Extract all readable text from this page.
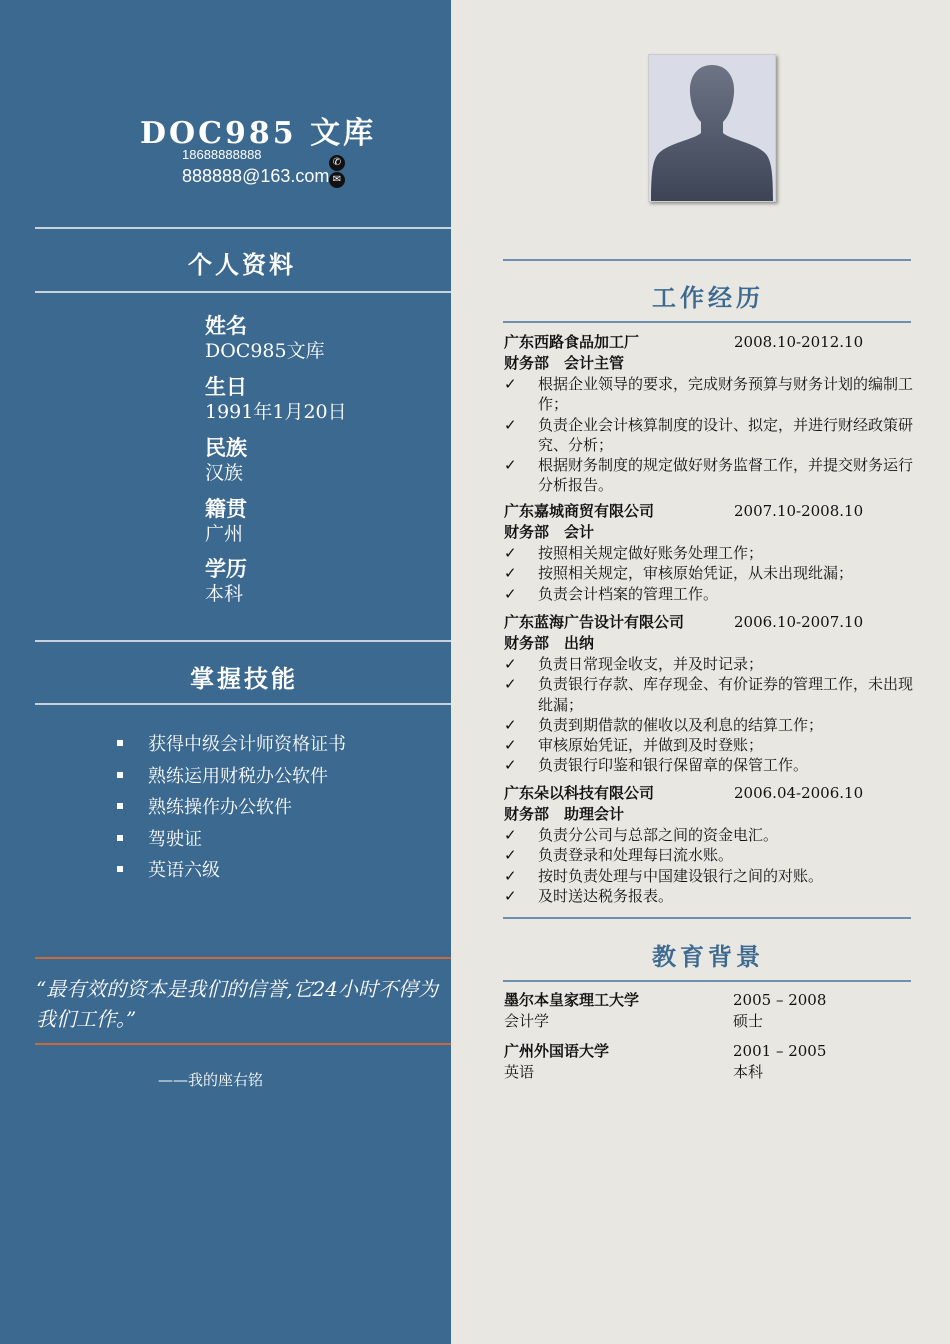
DOC985 文库
18688888888
888888@163.com
✆
✉
个人资料
姓名
DOC985文库
生日
1991年1月20日
民族
汉族
籍贯
广州
学历
本科
掌握技能
获得中级会计师资格证书
熟练运用财税办公软件
熟练操作办公软件
驾驶证
英语六级
“最有效的资本是我们的信誉,它24小时不停为我们工作。”
——我的座右铭
工作经历
广东西路食品加工厂	2008.10-2012.10
财务部　会计主管
✓ 根据企业领导的要求，完成财务预算与财务计划的编制工作；
✓ 负责企业会计核算制度的设计、拟定，并进行财经政策研究、分析；
✓ 根据财务制度的规定做好财务监督工作，并提交财务运行分析报告。
广东嘉城商贸有限公司	2007.10-2008.10
财务部　会计
✓ 按照相关规定做好账务处理工作；
✓ 按照相关规定，审核原始凭证，从未出现纰漏；
✓ 负责会计档案的管理工作。
广东蓝海广告设计有限公司	2006.10-2007.10
财务部　出纳
✓ 负责日常现金收支，并及时记录；
✓ 负责银行存款、库存现金、有价证券的管理工作，未出现纰漏；
✓ 负责到期借款的催收以及利息的结算工作；
✓ 审核原始凭证，并做到及时登账；
✓ 负责银行印鉴和银行保留章的保管工作。
广东朵以科技有限公司	2006.04-2006.10
财务部　助理会计
✓ 负责分公司与总部之间的资金电汇。
✓ 负责登录和处理每曰流水账。
✓ 按时负责处理与中国建设银行之间的对账。
✓ 及时送达税务报表。
教育背景
墨尔本皇家理工大学	2005 – 2008
会计学	硕士
广州外国语大学	2001 – 2005
英语	本科
